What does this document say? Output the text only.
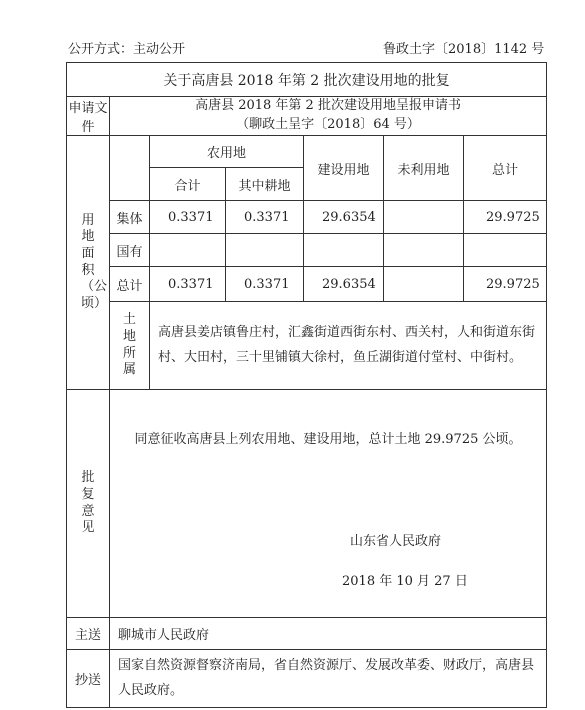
公开方式：主动公开	鲁政土字〔2018〕1142 号
关于高唐县 2018 年第 2 批次建设用地的批复						
申请文件	高唐县 2018 年第 2 批次建设用地呈报申请书
（聊政土呈字〔2018〕64 号）					

用地面积（公顷）		农用地		建设用地	未利用地	总计
		合计	其中耕地			
	集体	0.3371	0.3371	29.6354		29.9725
	国有					
	总计	0.3371	0.3371	29.6354		29.9725
	土地所属	高唐县姜店镇鲁庄村，汇鑫街道西街东村、西关村，人和街道东街村、大田村，三十里铺镇大徐村，鱼丘湖街道付堂村、中街村。				
批复意见	同意征收高唐县上列农用地、建设用地，总计土地 29.9725 公顷。
山东省人民政府
2018 年 10 月 27 日					

主送	聊城市人民政府					
抄送	国家自然资源督察济南局，省自然资源厅、发展改革委、财政厅，高唐县人民政府。					
